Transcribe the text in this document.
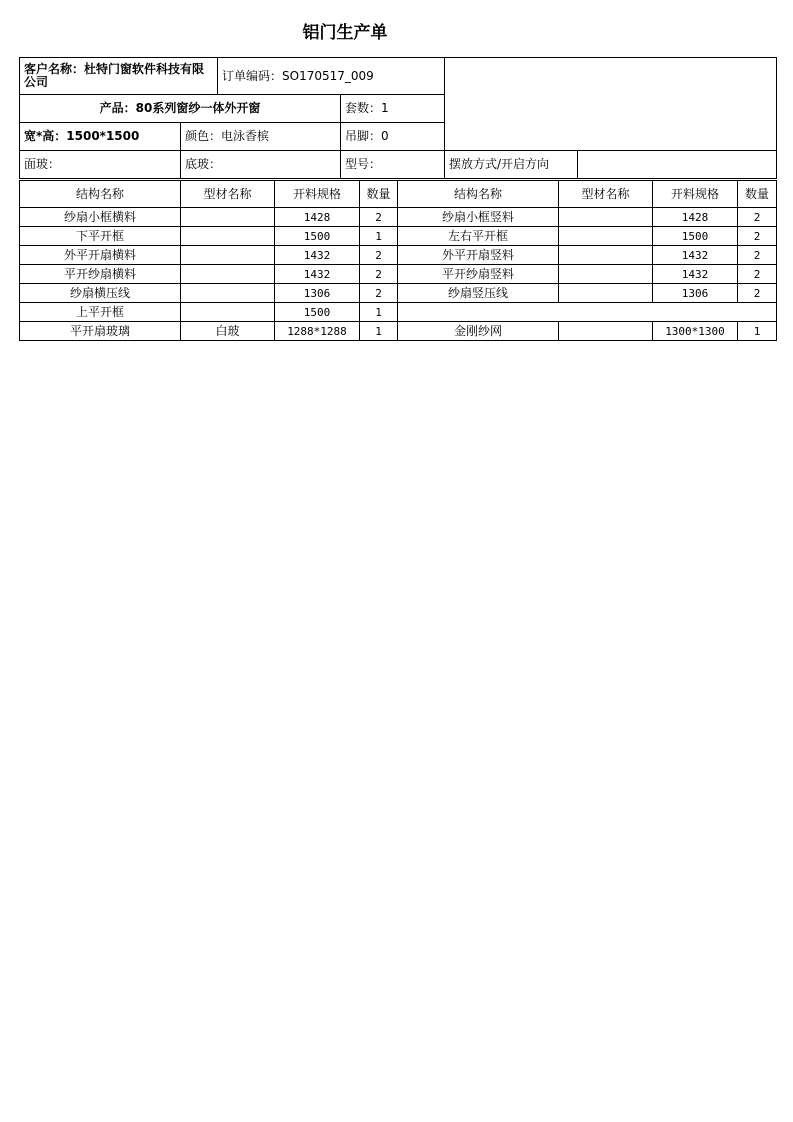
铝门生产单
客户名称：杜特门窗软件科技有限公司		订单编码：SO170517_009			
产品：80系列窗纱一体外开窗			套数：1		
宽*高：1500*1500	颜色：电泳香槟		吊脚：0		
面玻：	底玻：		型号：	摆放方式/开启方向	
结构名称	型材名称	开料规格	数量	结构名称	型材名称	开料规格	数量
纱扇小框横料		1428	2	纱扇小框竖料		1428	2
下平开框		1500	1	左右平开框		1500	2
外平开扇横料		1432	2	外平开扇竖料		1432	2
平开纱扇横料		1432	2	平开纱扇竖料		1432	2
纱扇横压线		1306	2	纱扇竖压线		1306	2
上平开框		1500	1				
平开扇玻璃	白玻	1288*1288	1	金刚纱网		1300*1300	1
